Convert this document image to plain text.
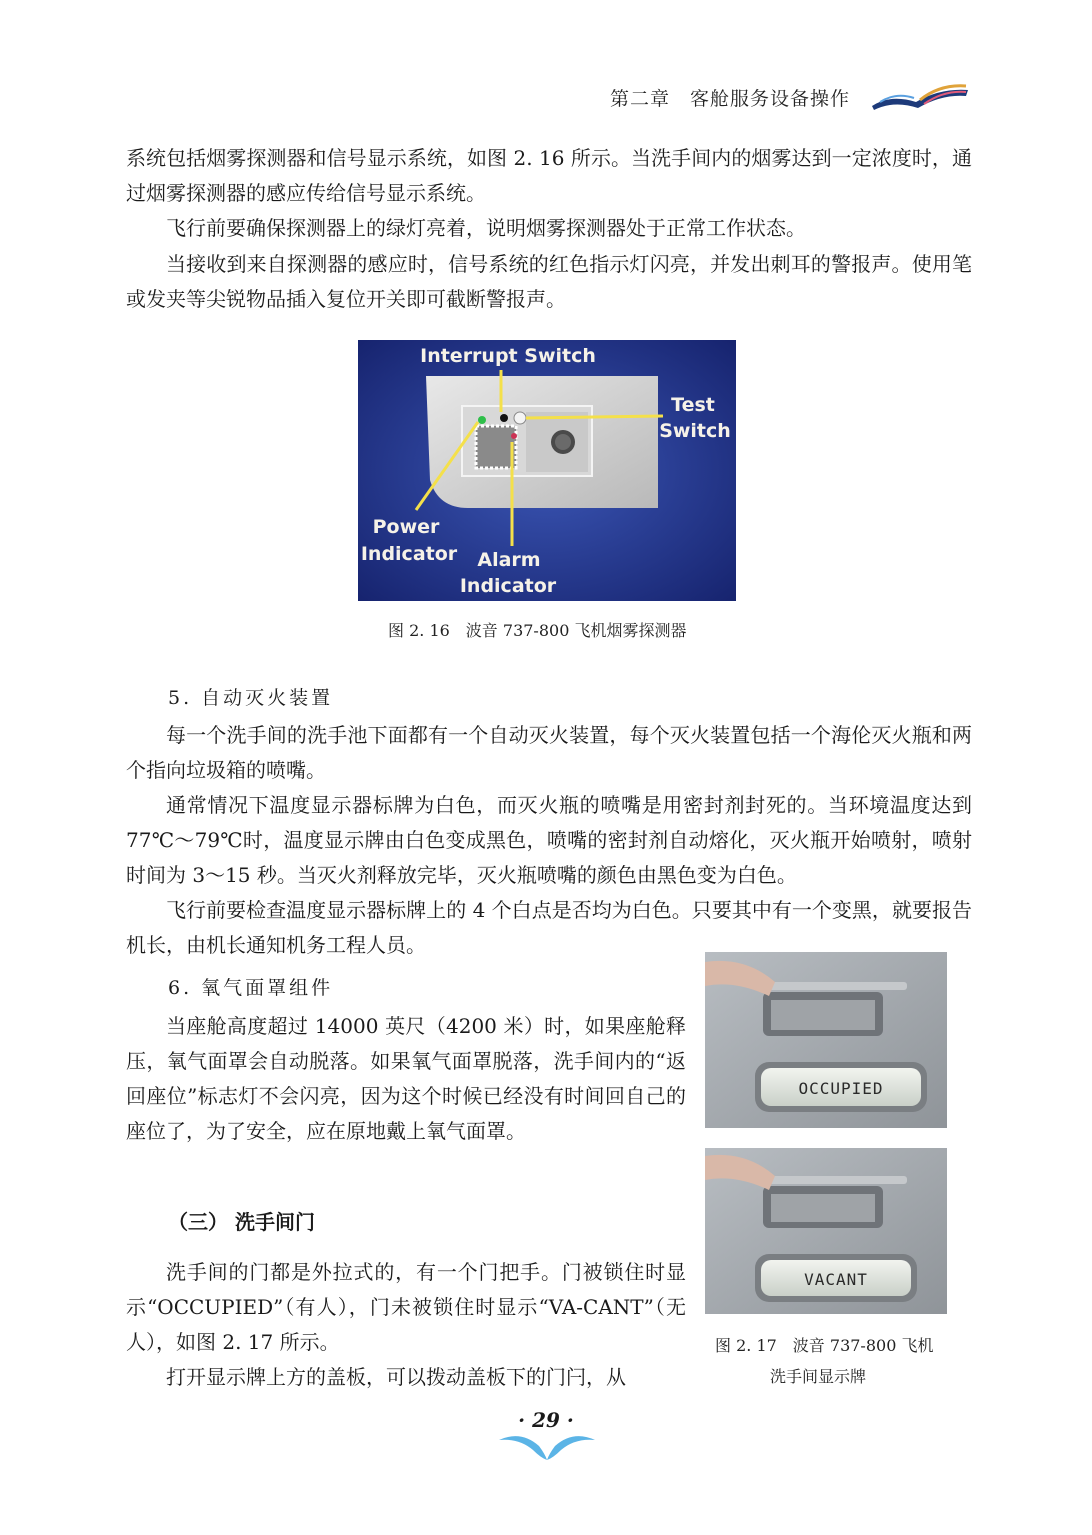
第二章　客舱服务设备操作

系统包括烟雾探测器和信号显示系统，如图 2. 16 所示。当洗手间内的烟雾达到一定浓度时，通过烟雾探测器的感应传给信号显示系统。

飞行前要确保探测器上的绿灯亮着，说明烟雾探测器处于正常工作状态。

当接收到来自探测器的感应时，信号系统的红色指示灯闪亮，并发出刺耳的警报声。使用笔或发夹等尖锐物品插入复位开关即可截断警报声。

Interrupt Switch
Test
Switch
Power
Indicator Alarm
Indicator
图 2. 16　波音 737-800 飞机烟雾探测器

5. 自动灭火装置

每一个洗手间的洗手池下面都有一个自动灭火装置，每个灭火装置包括一个海伦灭火瓶和两个指向垃圾箱的喷嘴。

通常情况下温度显示器标牌为白色，而灭火瓶的喷嘴是用密封剂封死的。当环境温度达到 77℃～79℃时，温度显示牌由白色变成黑色，喷嘴的密封剂自动熔化，灭火瓶开始喷射，喷射时间为 3～15 秒。当灭火剂释放完毕，灭火瓶喷嘴的颜色由黑色变为白色。

飞行前要检查温度显示器标牌上的 4 个白点是否均为白色。只要其中有一个变黑，就要报告机长，由机长通知机务工程人员。

6. 氧气面罩组件

当座舱高度超过 14000 英尺（4200 米）时，如果座舱释压，氧气面罩会自动脱落。如果氧气面罩脱落，洗手间内的“返回座位”标志灯不会闪亮，因为这个时候已经没有时间回自己的座位了，为了安全，应在原地戴上氧气面罩。

（三） 洗手间门

洗手间的门都是外拉式的，有一个门把手。门被锁住时显示“OCCUPIED”（有人），门未被锁住时显示“VA-CANT”（无人），如图 2. 17 所示。

打开显示牌上方的盖板，可以拨动盖板下的门闩，从

OCCUPIED
VACANT
图 2. 17　波音 737-800 飞机
洗手间显示牌
· 29 ·
